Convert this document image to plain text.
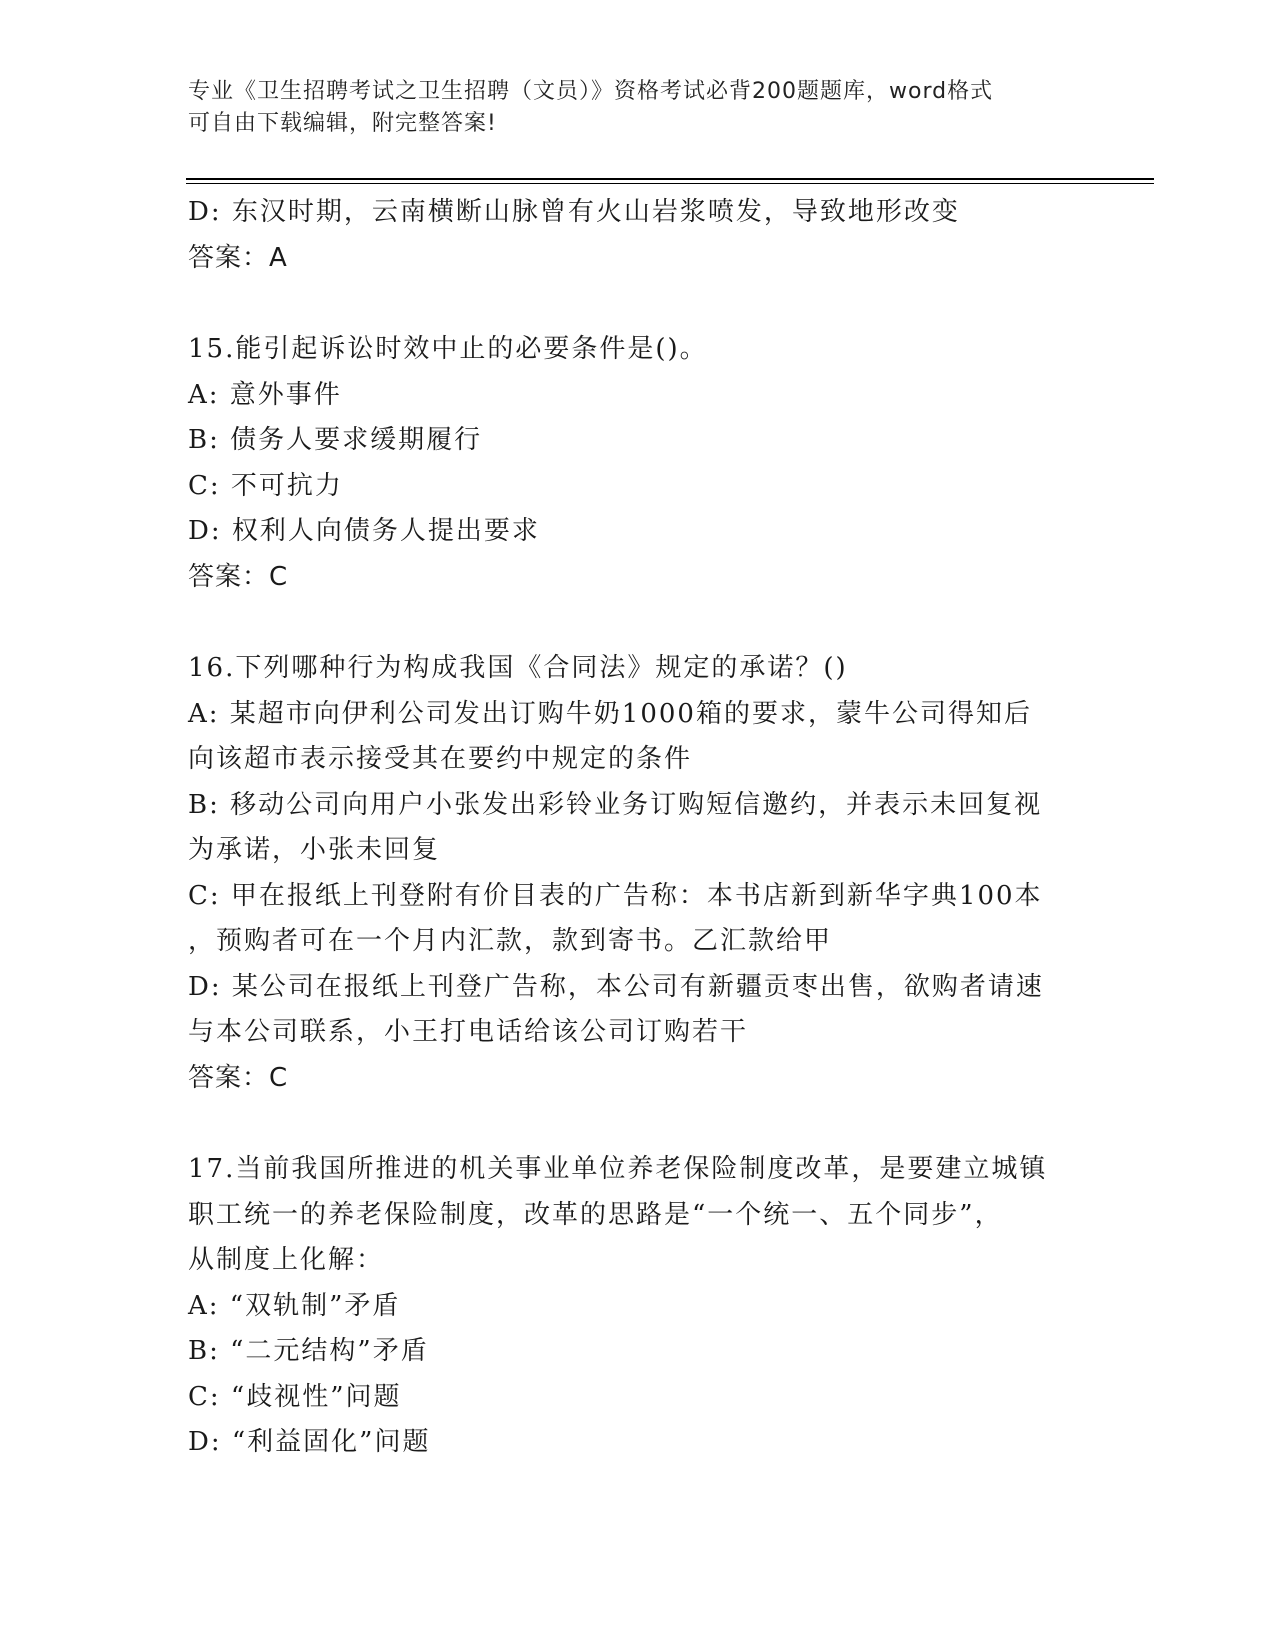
专业《卫生招聘考试之卫生招聘（文员）》资格考试必背200题题库，word格式
可自由下载编辑，附完整答案!
D: 东汉时期，云南横断山脉曾有火山岩浆喷发，导致地形改变
答案：A
15.能引起诉讼时效中止的必要条件是()。
A: 意外事件
B: 债务人要求缓期履行
C: 不可抗力
D: 权利人向债务人提出要求
答案：C
16.下列哪种行为构成我国《合同法》规定的承诺？()
A: 某超市向伊利公司发出订购牛奶1000箱的要求，蒙牛公司得知后
向该超市表示接受其在要约中规定的条件
B: 移动公司向用户小张发出彩铃业务订购短信邀约，并表示未回复视
为承诺，小张未回复
C: 甲在报纸上刊登附有价目表的广告称：本书店新到新华字典100本
，预购者可在一个月内汇款，款到寄书。乙汇款给甲
D: 某公司在报纸上刊登广告称，本公司有新疆贡枣出售，欲购者请速
与本公司联系，小王打电话给该公司订购若干
答案：C
17.当前我国所推进的机关事业单位养老保险制度改革，是要建立城镇
职工统一的养老保险制度，改革的思路是“一个统一、五个同步”，
从制度上化解：
A: “双轨制”矛盾
B: “二元结构”矛盾
C: “歧视性”问题
D: “利益固化”问题
